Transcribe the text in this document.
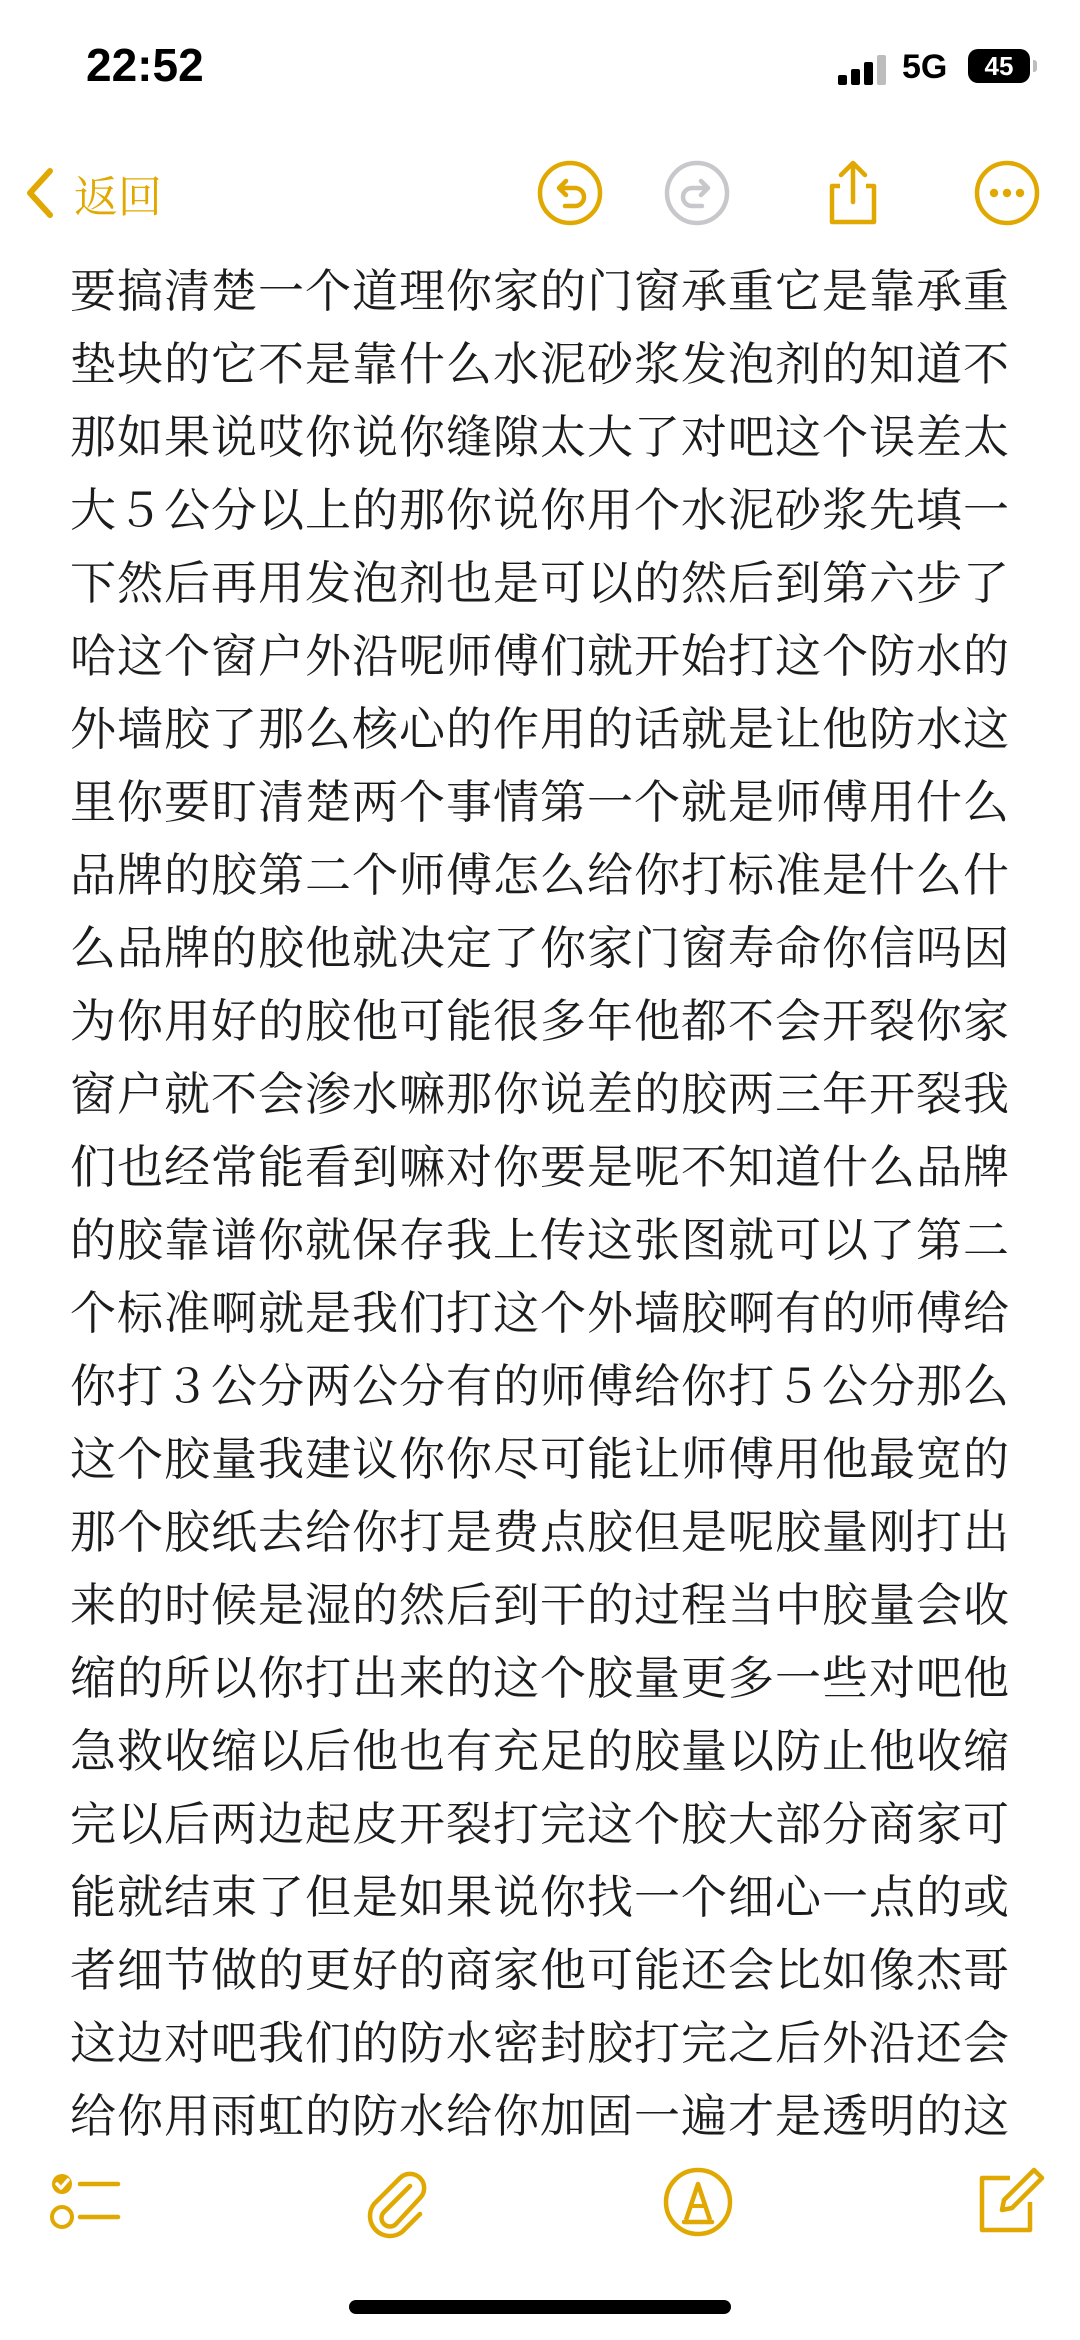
22:52	5G	45
返回
要搞清楚一个道理你家的门窗承重它是靠承重
垫块的它不是靠什么水泥砂浆发泡剂的知道不
那如果说哎你说你缝隙太大了对吧这个误差太
大５公分以上的那你说你用个水泥砂浆先填一
下然后再用发泡剂也是可以的然后到第六步了
哈这个窗户外沿呢师傅们就开始打这个防水的
外墙胶了那么核心的作用的话就是让他防水这
里你要盯清楚两个事情第一个就是师傅用什么
品牌的胶第二个师傅怎么给你打标准是什么什
么品牌的胶他就决定了你家门窗寿命你信吗因
为你用好的胶他可能很多年他都不会开裂你家
窗户就不会渗水嘛那你说差的胶两三年开裂我
们也经常能看到嘛对你要是呢不知道什么品牌
的胶靠谱你就保存我上传这张图就可以了第二
个标准啊就是我们打这个外墙胶啊有的师傅给
你打３公分两公分有的师傅给你打５公分那么
这个胶量我建议你你尽可能让师傅用他最宽的
那个胶纸去给你打是费点胶但是呢胶量刚打出
来的时候是湿的然后到干的过程当中胶量会收
缩的所以你打出来的这个胶量更多一些对吧他
急救收缩以后他也有充足的胶量以防止他收缩
完以后两边起皮开裂打完这个胶大部分商家可
能就结束了但是如果说你找一个细心一点的或
者细节做的更好的商家他可能还会比如像杰哥
这边对吧我们的防水密封胶打完之后外沿还会
给你用雨虹的防水给你加固一遍才是透明的这
